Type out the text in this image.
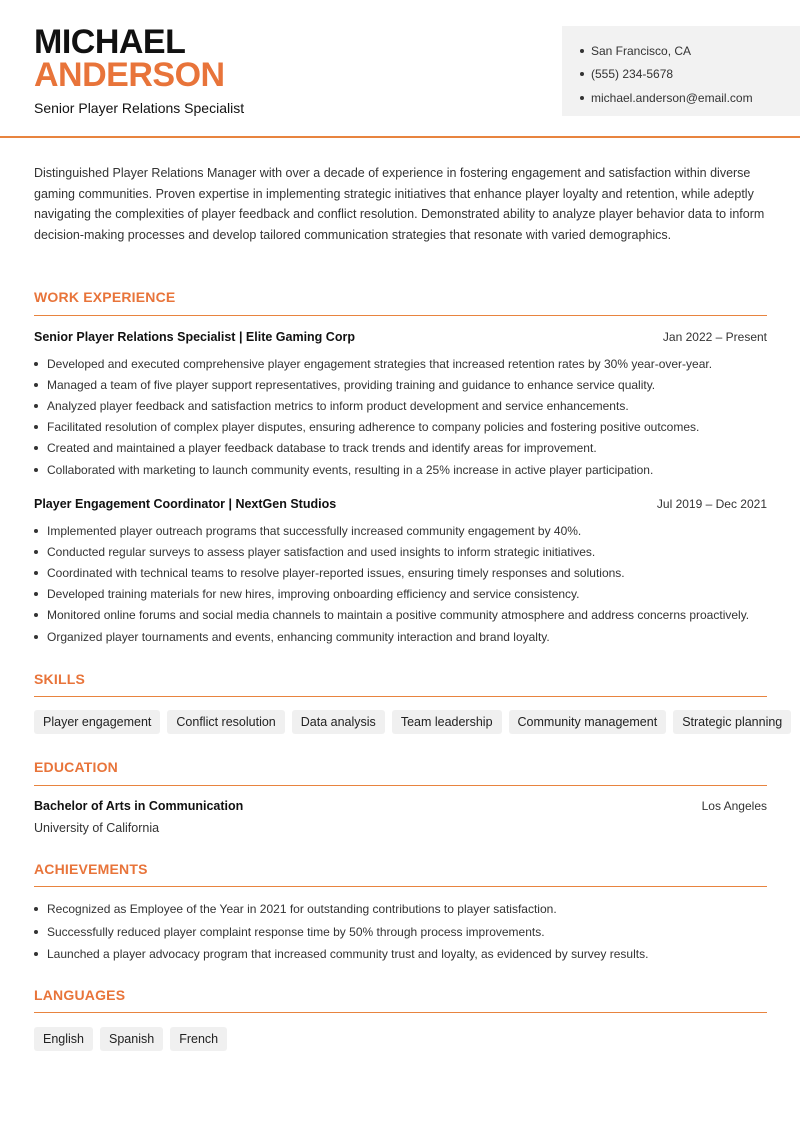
MICHAEL
ANDERSON
Senior Player Relations Specialist
San Francisco, CA
(555) 234-5678
michael.anderson@email.com

Distinguished Player Relations Manager with over a decade of experience in fostering engagement and satisfaction within diverse gaming communities. Proven expertise in implementing strategic initiatives that enhance player loyalty and retention, while adeptly navigating the complexities of player feedback and conflict resolution. Demonstrated ability to analyze player behavior data to inform decision-making processes and develop tailored communication strategies that resonate with varied demographics.

WORK EXPERIENCE
Senior Player Relations Specialist | Elite Gaming Corp	Jan 2022 – Present
Developed and executed comprehensive player engagement strategies that increased retention rates by 30% year-over-year.
Managed a team of five player support representatives, providing training and guidance to enhance service quality.
Analyzed player feedback and satisfaction metrics to inform product development and service enhancements.
Facilitated resolution of complex player disputes, ensuring adherence to company policies and fostering positive outcomes.
Created and maintained a player feedback database to track trends and identify areas for improvement.
Collaborated with marketing to launch community events, resulting in a 25% increase in active player participation.
Player Engagement Coordinator | NextGen Studios	Jul 2019 – Dec 2021
Implemented player outreach programs that successfully increased community engagement by 40%.
Conducted regular surveys to assess player satisfaction and used insights to inform strategic initiatives.
Coordinated with technical teams to resolve player-reported issues, ensuring timely responses and solutions.
Developed training materials for new hires, improving onboarding efficiency and service consistency.
Monitored online forums and social media channels to maintain a positive community atmosphere and address concerns proactively.
Organized player tournaments and events, enhancing community interaction and brand loyalty.
SKILLS
Player engagement	Conflict resolution	Data analysis	Team leadership	Community management	Strategic planning
EDUCATION
Bachelor of Arts in Communication	Los Angeles
University of California
ACHIEVEMENTS
Recognized as Employee of the Year in 2021 for outstanding contributions to player satisfaction.
Successfully reduced player complaint response time by 50% through process improvements.
Launched a player advocacy program that increased community trust and loyalty, as evidenced by survey results.
LANGUAGES
English	Spanish	French
